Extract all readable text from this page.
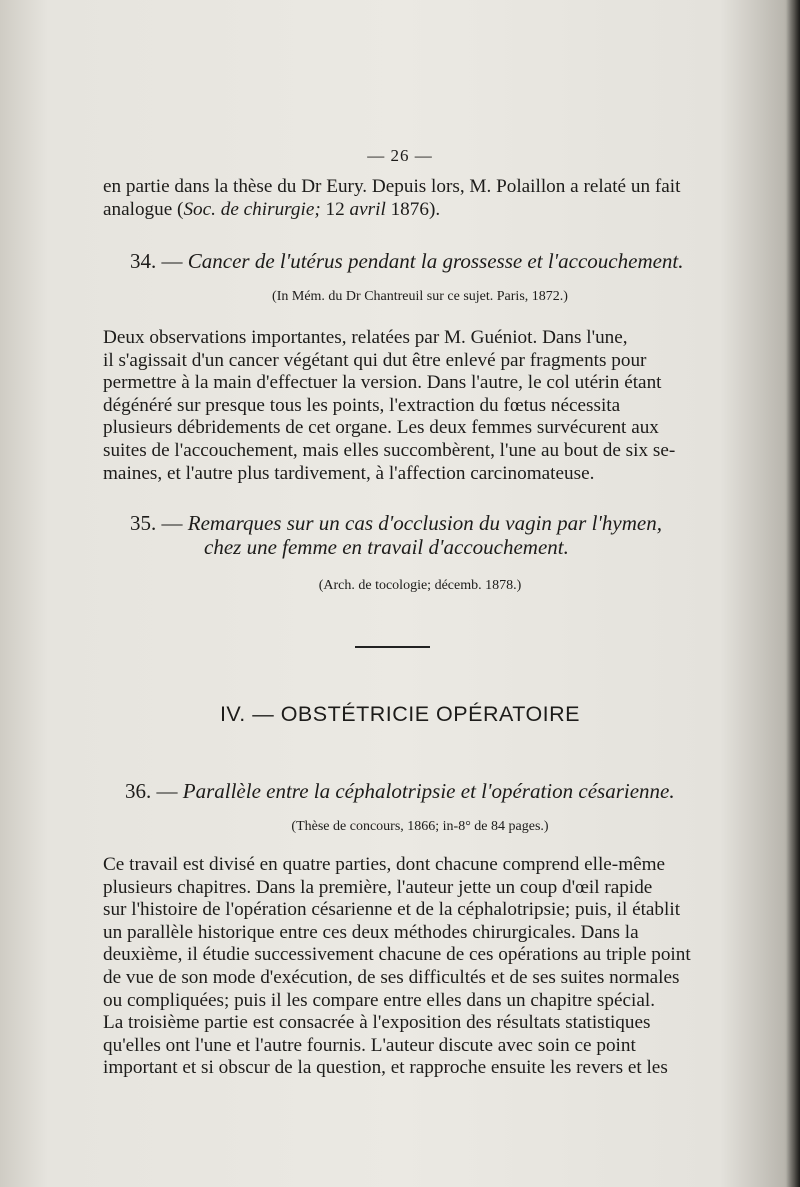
— 26 —

en partie dans la thèse du Dr Eury. Depuis lors, M. Polaillon a relaté un fait

analogue (Soc. de chirurgie; 12 avril 1876).

34. — Cancer de l'utérus pendant la grossesse et l'accouchement.

(In Mém. du Dr Chantreuil sur ce sujet. Paris, 1872.)

Deux observations importantes, relatées par M. Guéniot. Dans l'une,

il s'agissait d'un cancer végétant qui dut être enlevé par fragments pour

permettre à la main d'effectuer la version. Dans l'autre, le col utérin étant

dégénéré sur presque tous les points, l'extraction du fœtus nécessita

plusieurs débridements de cet organe. Les deux femmes survécurent aux

suites de l'accouchement, mais elles succombèrent, l'une au bout de six se-

maines, et l'autre plus tardivement, à l'affection carcinomateuse.

35. — Remarques sur un cas d'occlusion du vagin par l'hymen,

chez une femme en travail d'accouchement.

(Arch. de tocologie; décemb. 1878.)

IV. — OBSTÉTRICIE OPÉRATOIRE

36. — Parallèle entre la céphalotripsie et l'opération césarienne.

(Thèse de concours, 1866; in-8° de 84 pages.)

Ce travail est divisé en quatre parties, dont chacune comprend elle-même

plusieurs chapitres. Dans la première, l'auteur jette un coup d'œil rapide

sur l'histoire de l'opération césarienne et de la céphalotripsie; puis, il établit

un parallèle historique entre ces deux méthodes chirurgicales. Dans la

deuxième, il étudie successivement chacune de ces opérations au triple point

de vue de son mode d'exécution, de ses difficultés et de ses suites normales

ou compliquées; puis il les compare entre elles dans un chapitre spécial.

La troisième partie est consacrée à l'exposition des résultats statistiques

qu'elles ont l'une et l'autre fournis. L'auteur discute avec soin ce point

important et si obscur de la question, et rapproche ensuite les revers et les
